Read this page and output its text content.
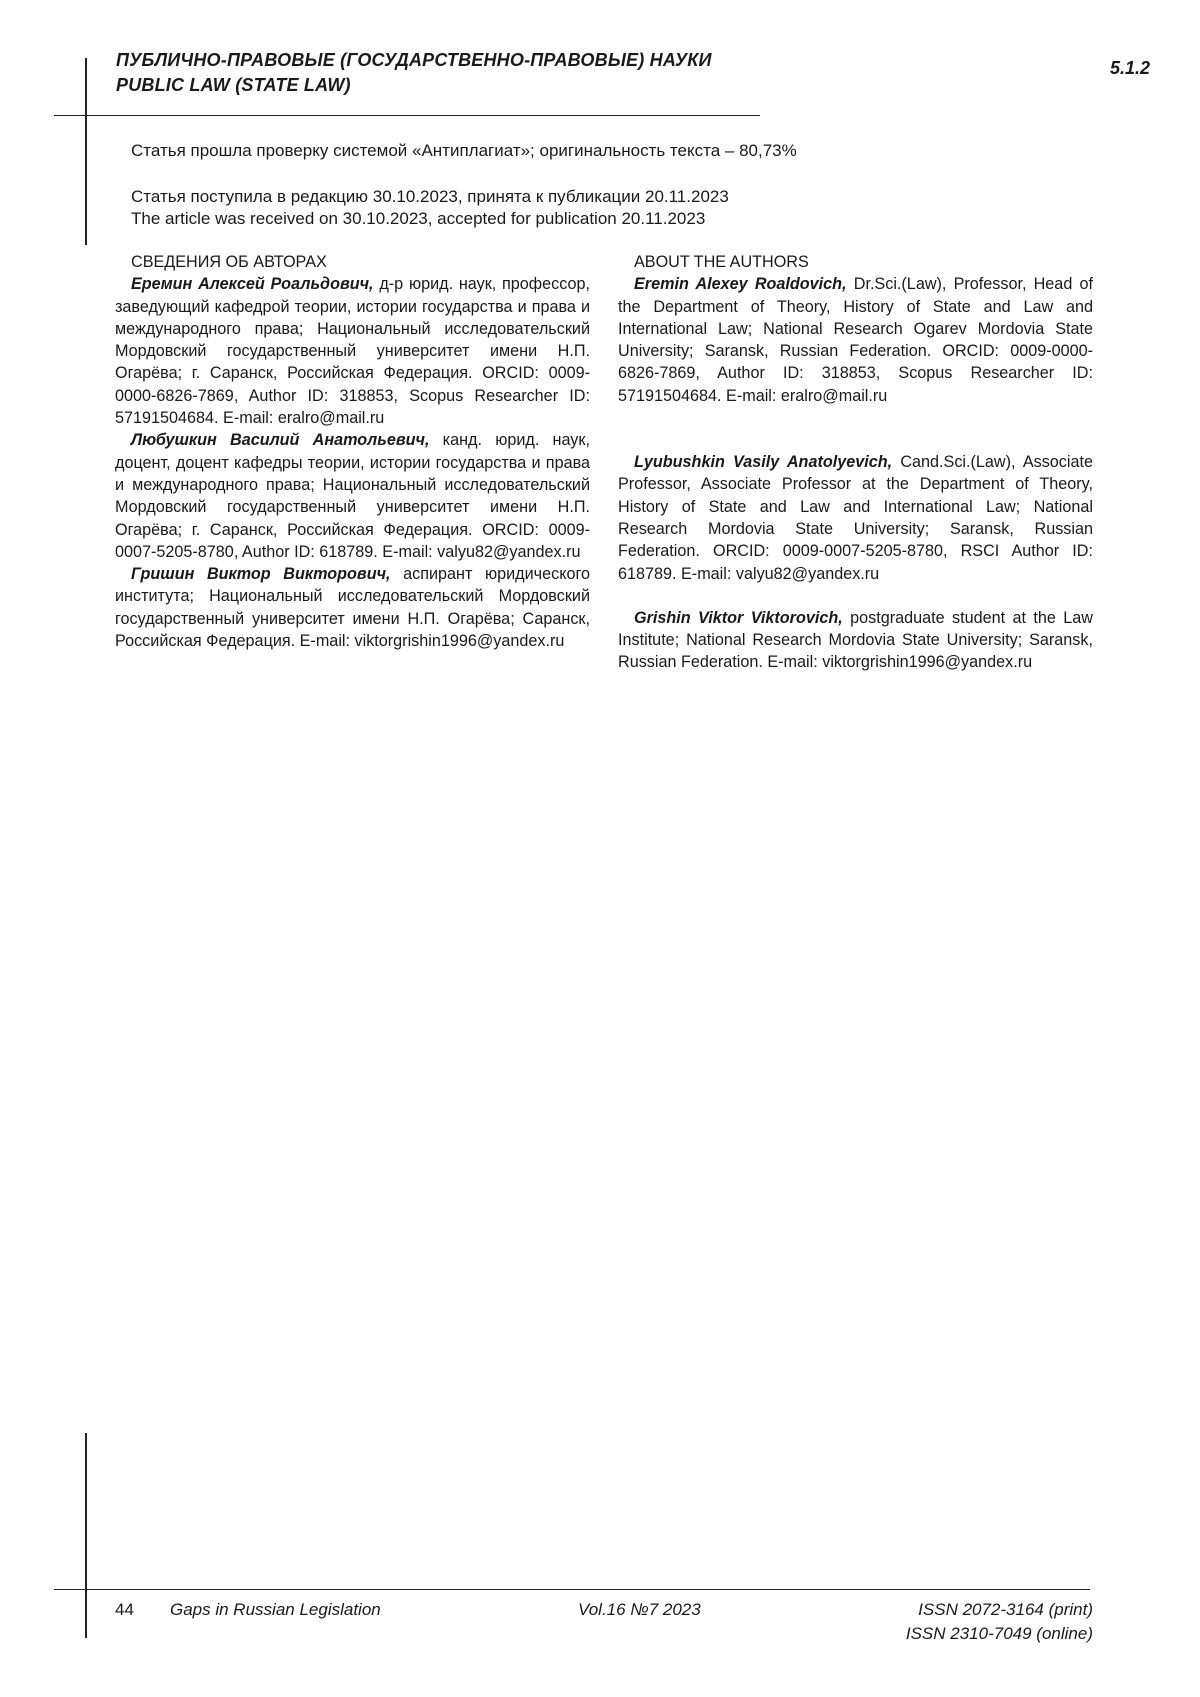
ПУБЛИЧНО-ПРАВОВЫЕ (ГОСУДАРСТВЕННО-ПРАВОВЫЕ) НАУКИ

PUBLIC LAW (STATE LAW)

5.1.2
Статья прошла проверку системой «Антиплагиат»; оригинальность текста – 80,73%
Статья поступила в редакцию 30.10.2023, принята к публикации 20.11.2023
The article was received on 30.10.2023, accepted for publication 20.11.2023
СВЕДЕНИЯ ОБ АВТОРАХ

Еремин Алексей Роальдович, д-р юрид. наук, профессор, заведующий кафедрой теории, истории государства и права и международного права; Национальный исследовательский Мордовский государственный университет имени Н.П. Огарёва; г. Саранск, Российская Федерация. ORCID: 0009-0000-6826-7869, Author ID: 318853, Scopus Researcher ID: 57191504684. E-mail: eralro@mail.ru

Любушкин Василий Анатольевич, канд. юрид. наук, доцент, доцент кафедры теории, истории государства и права и международного права; Национальный исследовательский Мордовский государственный университет имени Н.П. Огарёва; г. Саранск, Российская Федерация. ORCID: 0009-0007-5205-8780, Author ID: 618789. E-mail: valyu82@yandex.ru

Гришин Виктор Викторович, аспирант юридического института; Национальный исследовательский Мордовский государственный университет имени Н.П. Огарёва; Саранск, Российская Федерация. E-mail: viktorgrishin1996@yandex.ru

ABOUT THE AUTHORS

Eremin Alexey Roaldovich, Dr.Sci.(Law), Professor, Head of the Department of Theory, History of State and Law and International Law; National Research Ogarev Mordovia State University; Saransk, Russian Federation. ORCID: 0009-0000-6826-7869, Author ID: 318853, Scopus Researcher ID: 57191504684. E-mail: eralro@mail.ru

Lyubushkin Vasily Anatolyevich, Cand.Sci.(Law), Associate Professor, Associate Professor at the Department of Theory, History of State and Law and International Law; National Research Mordovia State University; Saransk, Russian Federation. ORCID: 0009-0007-5205-8780, RSCI Author ID: 618789. E-mail: valyu82@yandex.ru

Grishin Viktor Viktorovich, postgraduate student at the Law Institute; National Research Mordovia State University; Saransk, Russian Federation. E-mail: viktorgrishin1996@yandex.ru

44 Gaps in Russian Legislation	Vol.16 №7 2023	ISSN 2072-3164 (print)
ISSN 2310-7049 (online)
